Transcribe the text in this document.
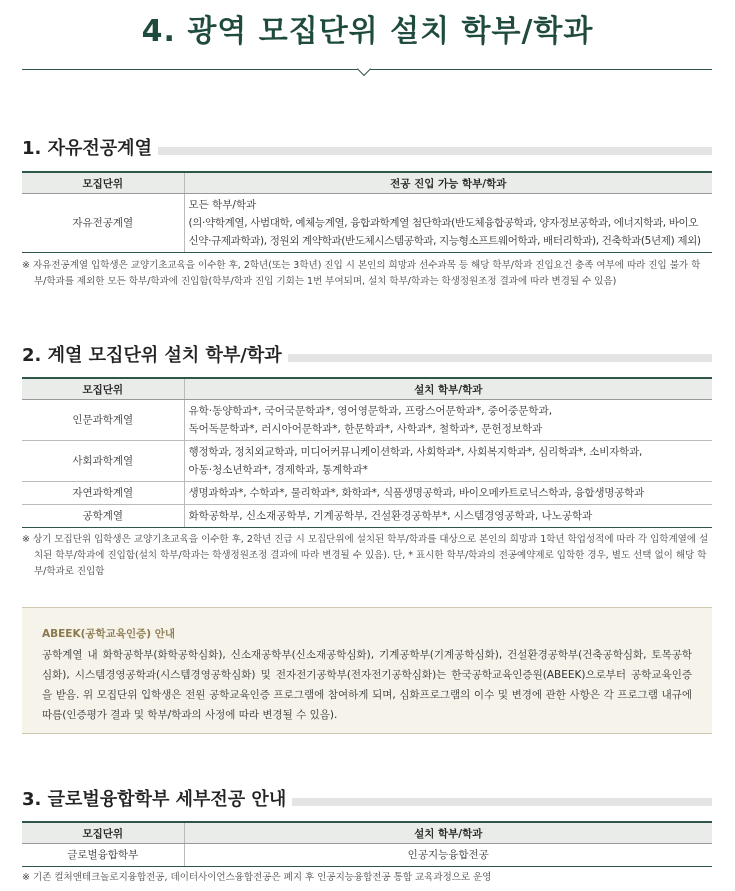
4. 광역 모집단위 설치 학부/학과
1. 자유전공계열
모집단위	전공 진입 가능 학부/학과
자유전공계열	모든 학부/학과
(의·약학계열, 사범대학, 예체능계열, 융합과학계열 첨단학과(반도체융합공학과, 양자정보공학과, 에너지학과, 바이오
신약·규제과학과), 정원외 계약학과(반도체시스템공학과, 지능형소프트웨어학과, 배터리학과), 건축학과(5년제) 제외)
※ 자유전공계열 입학생은 교양기초교육을 이수한 후, 2학년(또는 3학년) 진입 시 본인의 희망과 선수과목 등 해당 학부/학과 진입요건 충족 여부에 따라 진입 불가 학부/학과를 제외한 모든 학부/학과에 진입함(학부/학과 진입 기회는 1번 부여되며, 설치 학부/학과는 학생정원조정 결과에 따라 변경될 수 있음)
2. 계열 모집단위 설치 학부/학과
모집단위	설치 학부/학과
인문과학계열	유학·동양학과*, 국어국문학과*, 영어영문학과, 프랑스어문학과*, 중어중문학과,
독어독문학과*, 러시아어문학과*, 한문학과*, 사학과*, 철학과*, 문헌정보학과

사회과학계열	행정학과, 정치외교학과, 미디어커뮤니케이션학과, 사회학과*, 사회복지학과*, 심리학과*, 소비자학과,
아동·청소년학과*, 경제학과, 통계학과*

자연과학계열	생명과학과*, 수학과*, 물리학과*, 화학과*, 식품생명공학과, 바이오메카트로닉스학과, 융합생명공학과

공학계열	화학공학부, 신소재공학부, 기계공학부, 건설환경공학부*, 시스템경영공학과, 나노공학과
※ 상기 모집단위 입학생은 교양기초교육을 이수한 후, 2학년 진급 시 모집단위에 설치된 학부/학과를 대상으로 본인의 희망과 1학년 학업성적에 따라 각 입학계열에 설치된 학부/학과에 진입함(설치 학부/학과는 학생정원조정 결과에 따라 변경될 수 있음). 단, * 표시한 학부/학과의 전공예약제로 입학한 경우, 별도 선택 없이 해당 학부/학과로 진입함
ABEEK(공학교육인증) 안내
공학계열 내 화학공학부(화학공학심화), 신소재공학부(신소재공학심화), 기계공학부(기계공학심화), 건설환경공학부(건축공학심화, 토목공학심화), 시스템경영공학과(시스템경영공학심화) 및 전자전기공학부(전자전기공학심화)는 한국공학교육인증원(ABEEK)으로부터 공학교육인증을 받음. 위 모집단위 입학생은 전원 공학교육인증 프로그램에 참여하게 되며, 심화프로그램의 이수 및 변경에 관한 사항은 각 프로그램 내규에 따름(인증평가 결과 및 학부/학과의 사정에 따라 변경될 수 있음).
3. 글로벌융합학부 세부전공 안내
모집단위	설치 학부/학과
글로벌융합학부	인공지능융합전공
※ 기존 컬처앤테크놀로지융합전공, 데이터사이언스융합전공은 폐지 후 인공지능융합전공 통합 교육과정으로 운영
